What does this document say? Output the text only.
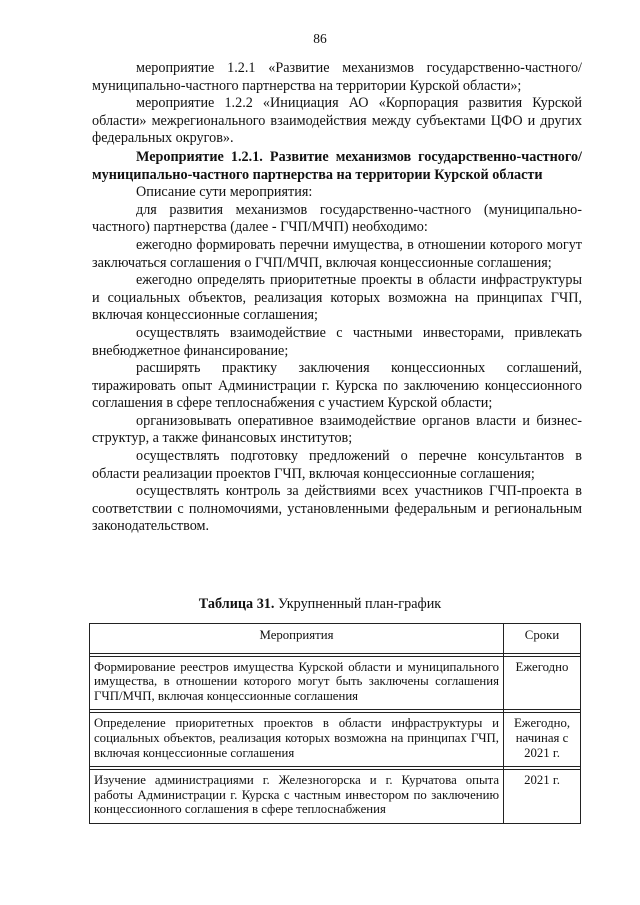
86

мероприятие 1.2.1 «Развитие механизмов государственно-частного/муниципально-частного партнерства на территории Курской области»;

мероприятие 1.2.2 «Инициация АО «Корпорация развития Курской области» межрегионального взаимодействия между субъектами ЦФО и других федеральных округов».

Мероприятие 1.2.1. Развитие механизмов государственно-частного/муниципально-частного партнерства на территории Курской области

Описание сути мероприятия:

для развития механизмов государственно-частного (муниципально-частного) партнерства (далее - ГЧП/МЧП) необходимо:

ежегодно формировать перечни имущества, в отношении которого могут заключаться соглашения о ГЧП/МЧП, включая концессионные соглашения;

ежегодно определять приоритетные проекты в области инфраструктуры и социальных объектов, реализация которых возможна на принципах ГЧП, включая концессионные соглашения;

осуществлять взаимодействие с частными инвесторами, привлекать внебюджетное финансирование;

расширять практику заключения концессионных соглашений, тиражировать опыт Администрации г. Курска по заключению концессионного соглашения в сфере теплоснабжения с участием Курской области;

организовывать оперативное взаимодействие органов власти и бизнес-структур, а также финансовых институтов;

осуществлять подготовку предложений о перечне консультантов в области реализации проектов ГЧП, включая концессионные соглашения;

осуществлять контроль за действиями всех участников ГЧП-проекта в соответствии с полномочиями, установленными федеральным и региональным законодательством.

Таблица 31. Укрупненный план-график
Мероприятия	Сроки

Формирование реестров имущества Курской области и муниципального имущества, в отношении которого могут быть заключены соглашения ГЧП/МЧП, включая концессионные соглашения	Ежегодно

Определение приоритетных проектов в области инфраструктуры и социальных объектов, реализация которых возможна на принципах ГЧП, включая концессионные соглашения	Ежегодно, начиная с 2021 г.

Изучение администрациями г. Железногорска и г. Курчатова опыта работы Администрации г. Курска с частным инвестором по заключению концессионного соглашения в сфере теплоснабжения	2021 г.
